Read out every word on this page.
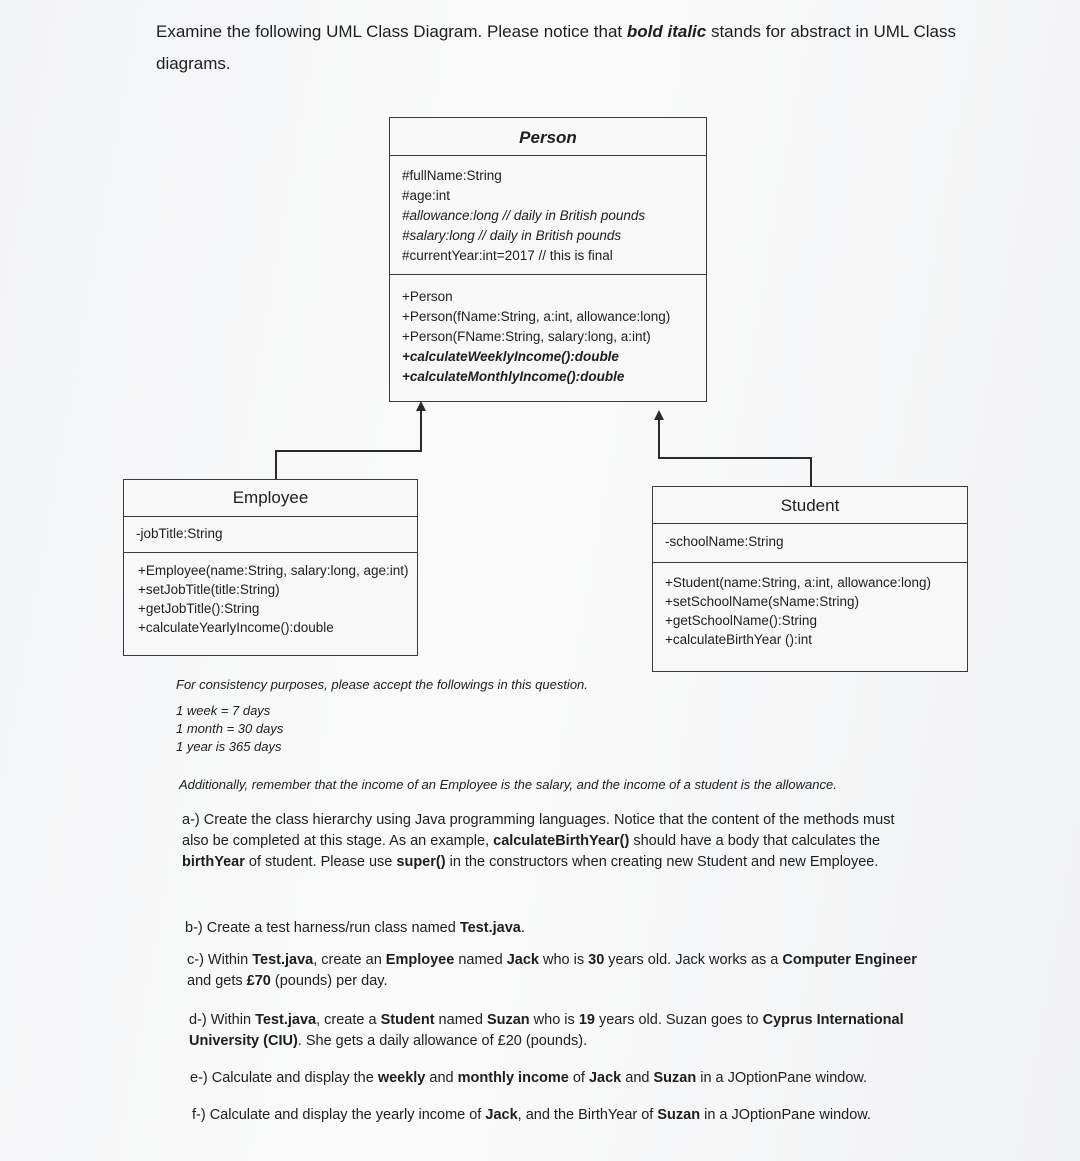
Examine the following UML Class Diagram. Please notice that bold italic stands for abstract in UML Class diagrams.
Person
#fullName:String
#age:int
#allowance:long // daily in British pounds
#salary:long // daily in British pounds
#currentYear:int=2017 // this is final
+Person
+Person(fName:String, a:int, allowance:long)
+Person(FName:String, salary:long, a:int)
+calculateWeeklyIncome():double
+calculateMonthlyIncome():double
Employee
-jobTitle:String
+Employee(name:String, salary:long, age:int)
+setJobTitle(title:String)
+getJobTitle():String
+calculateYearlyIncome():double
Student
-schoolName:String
+Student(name:String, a:int, allowance:long)
+setSchoolName(sName:String)
+getSchoolName():String
+calculateBirthYear ():int
For consistency purposes, please accept the followings in this question.
1 week = 7 days
1 month = 30 days
1 year is 365 days
Additionally, remember that the income of an Employee is the salary, and the income of a student is the allowance.
a-) Create the class hierarchy using Java programming languages. Notice that the content of the methods must also be completed at this stage. As an example, calculateBirthYear() should have a body that calculates the birthYear of student. Please use super() in the constructors when creating new Student and new Employee.
b-) Create a test harness/run class named Test.java.
c-) Within Test.java, create an Employee named Jack who is 30 years old. Jack works as a Computer Engineer and gets £70 (pounds) per day.
d-) Within Test.java, create a Student named Suzan who is 19 years old. Suzan goes to Cyprus International University (CIU). She gets a daily allowance of £20 (pounds).
e-) Calculate and display the weekly and monthly income of Jack and Suzan in a JOptionPane window.
f-) Calculate and display the yearly income of Jack, and the BirthYear of Suzan in a JOptionPane window.
